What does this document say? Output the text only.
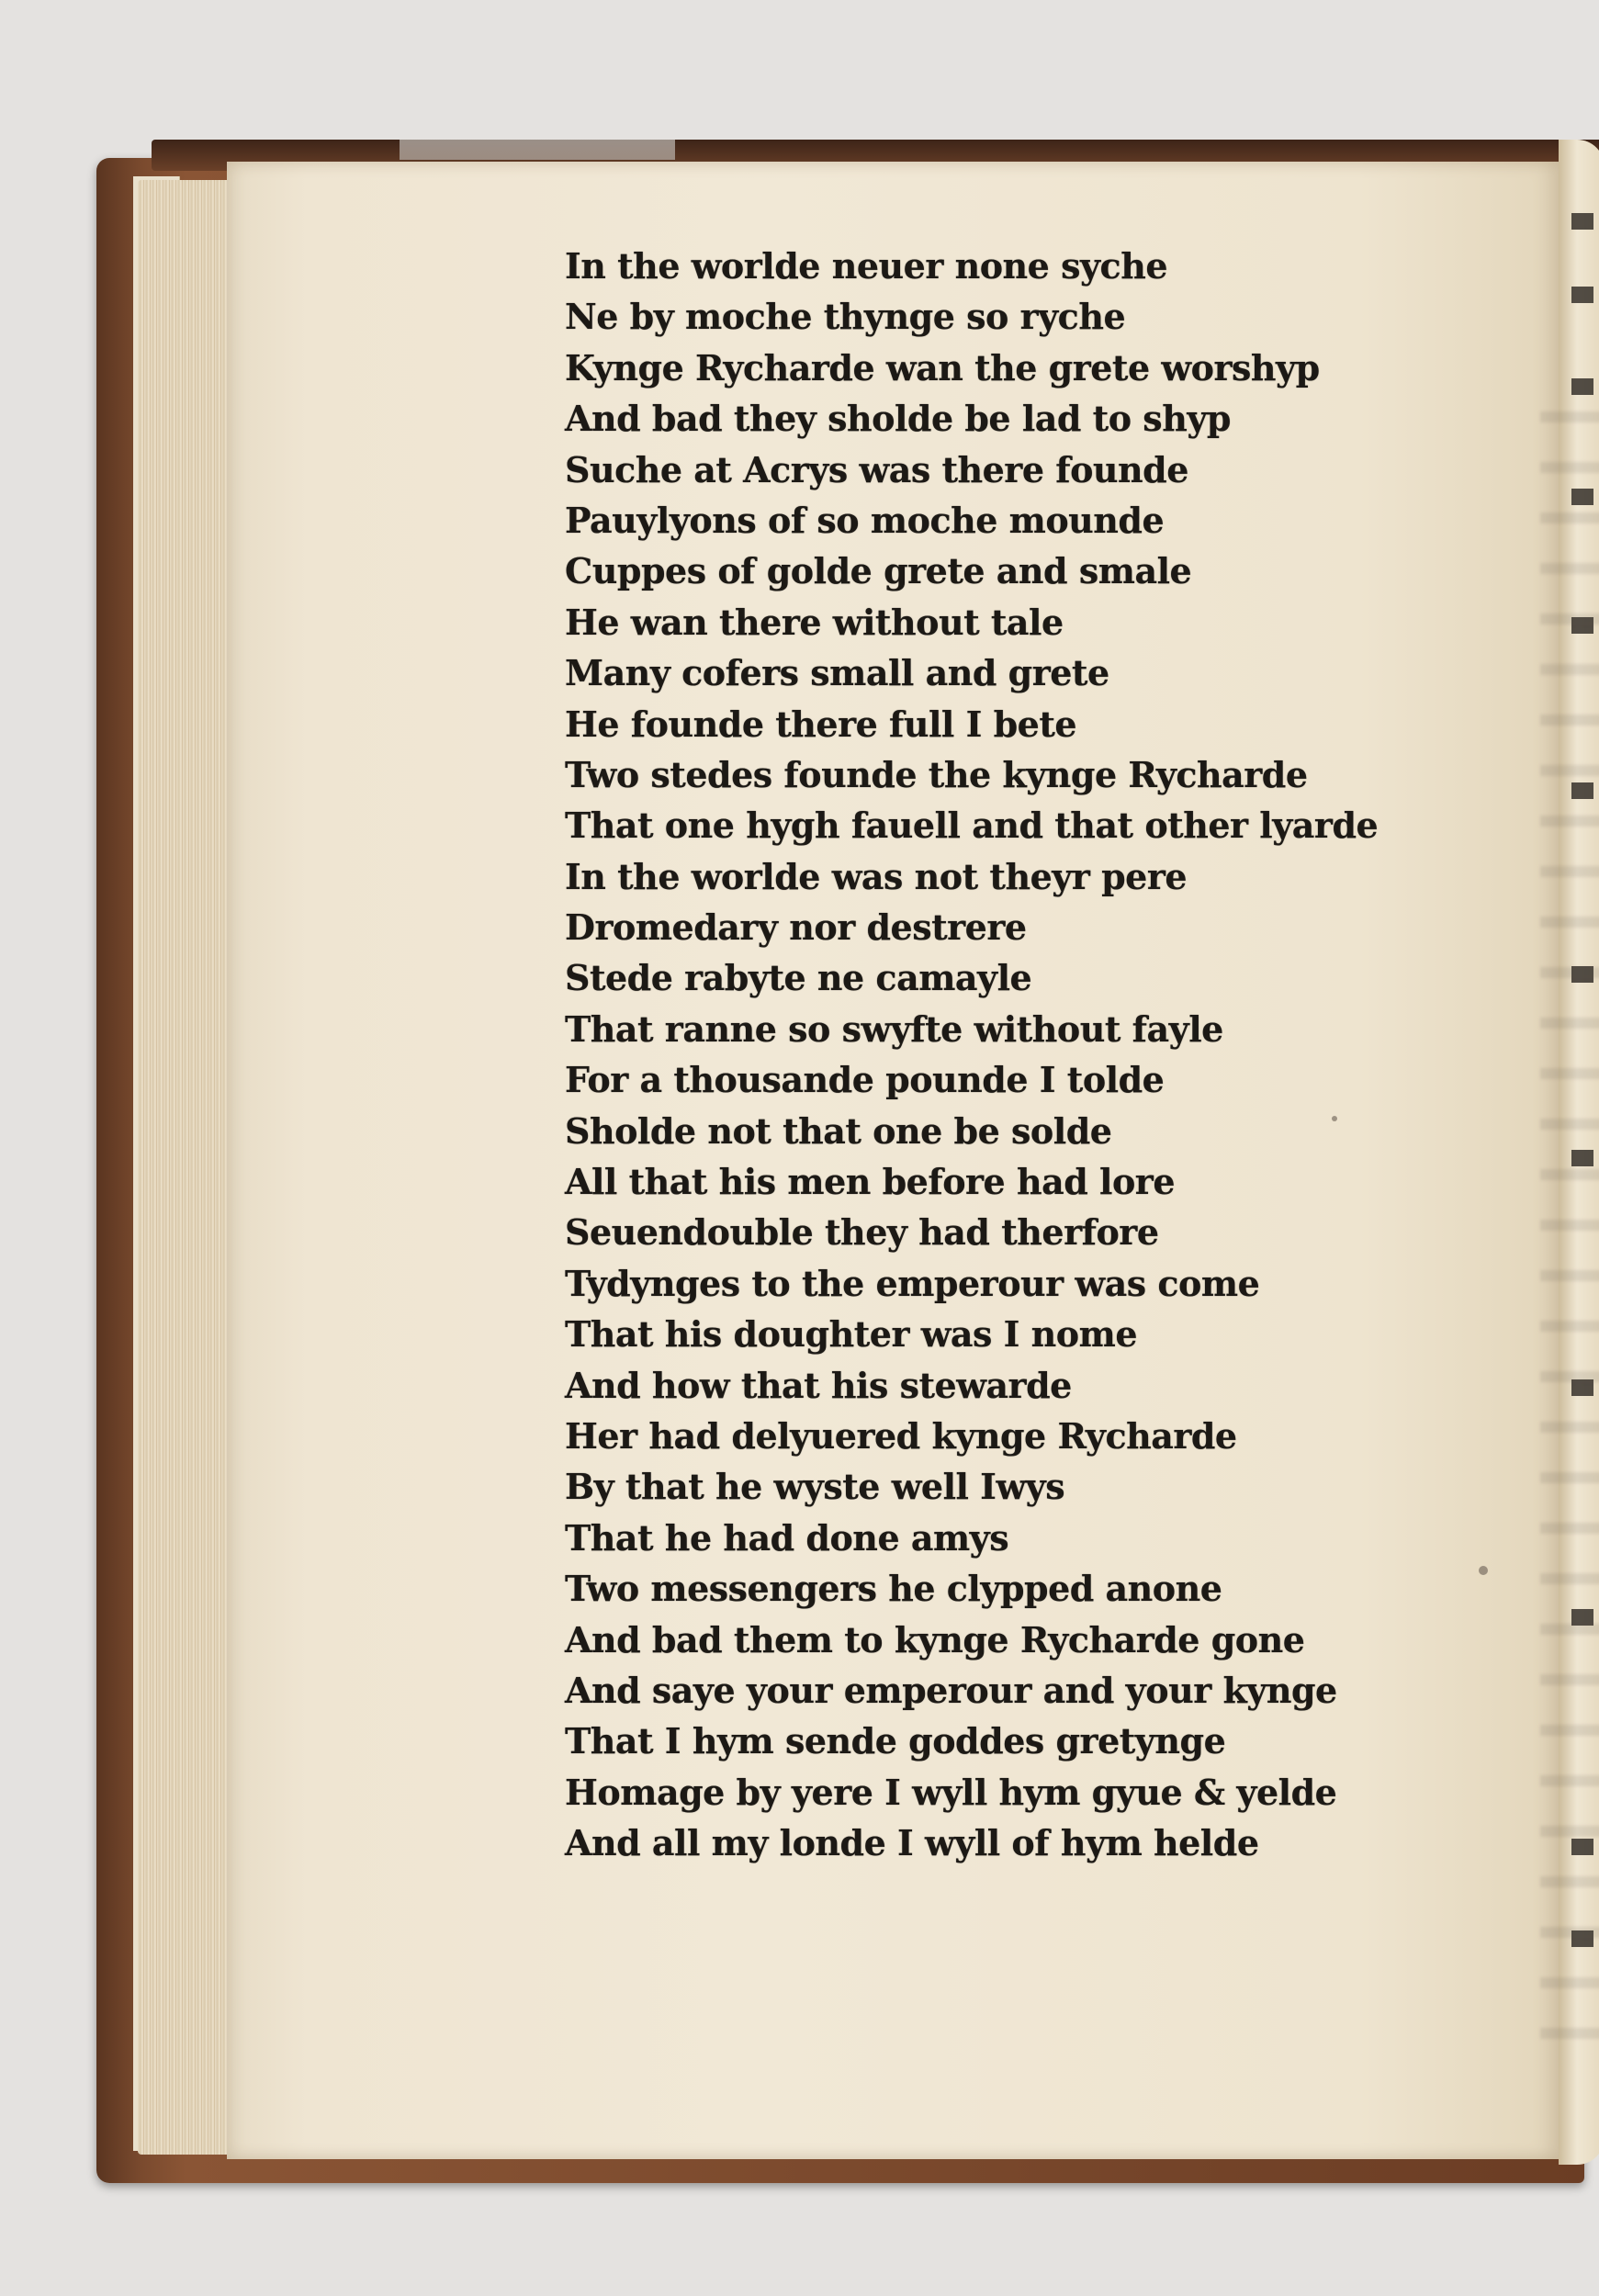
In the worlde neuer none syche
Ne by moche thynge so ryche
Kynge Rycharde wan the grete worshyp
And bad they sholde be lad to shyp
Suche at Acrys was there founde
Pauylyons of so moche mounde
Cuppes of golde grete and smale
He wan there without tale
Many cofers small and grete
He founde there full I bete
Two stedes founde the kynge Rycharde
That one hygh fauell and that other lyarde
In the worlde was not theyr pere
Dromedary nor destrere
Stede rabyte ne camayle
That ranne so swyfte without fayle
For a thousande pounde I tolde
Sholde not that one be solde
All that his men before had lore
Seuendouble they had therfore
Tydynges to the emperour was come
That his doughter was I nome
And how that his stewarde
Her had delyuered kynge Rycharde
By that he wyste well Iwys
That he had done amys
Two messengers he clypped anone
And bad them to kynge Rycharde gone
And saye your emperour and your kynge
That I hym sende goddes gretynge
Homage by yere I wyll hym gyue & yelde
And all my londe I wyll of hym helde
